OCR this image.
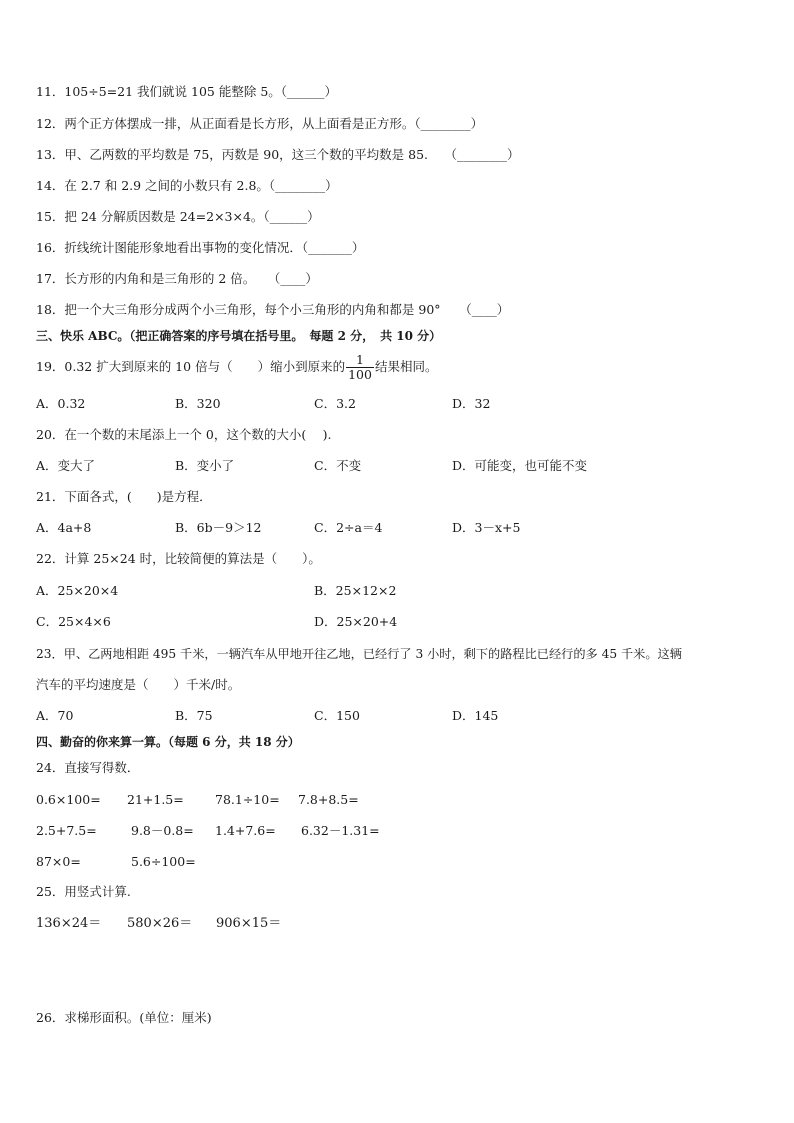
11．105÷5=21 我们就说 105 能整除 5。（______）
12．两个正方体摆成一排，从正面看是长方形，从上面看是正方形。（________）
13．甲、乙两数的平均数是 75，丙数是 90，这三个数的平均数是 85.　 （________）
14．在 2.7 和 2.9 之间的小数只有 2.8。（________）
15．把 24 分解质因数是 24=2×3×4。（______）
16．折线统计图能形象地看出事物的变化情况．（_______）
17．长方形的内角和是三角形的 2 倍。　　（____）
18．把一个大三角形分成两个小三角形，每个小三角形的内角和都是 90°　　（____）
三、快乐 ABC。（把正确答案的序号填在括号里。　每题 2 分，　共 10 分）
19．0.32 扩大到原来的 10 倍与（　　）缩小到原来的 $\frac{1}{100}$ 结果相同。
A．0.32	B．320	C．3.2	D．32
20．在一个数的末尾添上一个 0，这个数的大小(　 ).
A．变大了	B．变小了	C．不变	D．可能变，也可能不变
21．下面各式，(　　)是方程．
A．4a+8	B．6b－9＞12	C．2÷a＝4	D．3－x+5
22．计算 25×24 时，比较简便的算法是（　　）。
A．25×20×4	B．25×12×2
C．25×4×6	D．25×20+4
23．甲、乙两地相距 495 千米，一辆汽车从甲地开往乙地，已经行了 3 小时，剩下的路程比已经行的多 45 千米。这辆
汽车的平均速度是（　　）千米/时。
A．70	B．75	C．150	D．145
四、勤奋的你来算一算。（每题 6 分，共 18 分）
24．直接写得数．
0.6×100= 21+1.5=	78.1÷10= 7.8+8.5=
2.5+7.5=	9.8－0.8= 1.4+7.6= 6.32－1.31=
87×0=	5.6÷100=
25．用竖式计算.
136×24＝ 580×26＝ 906×15＝
26．求梯形面积。(单位：厘米)
